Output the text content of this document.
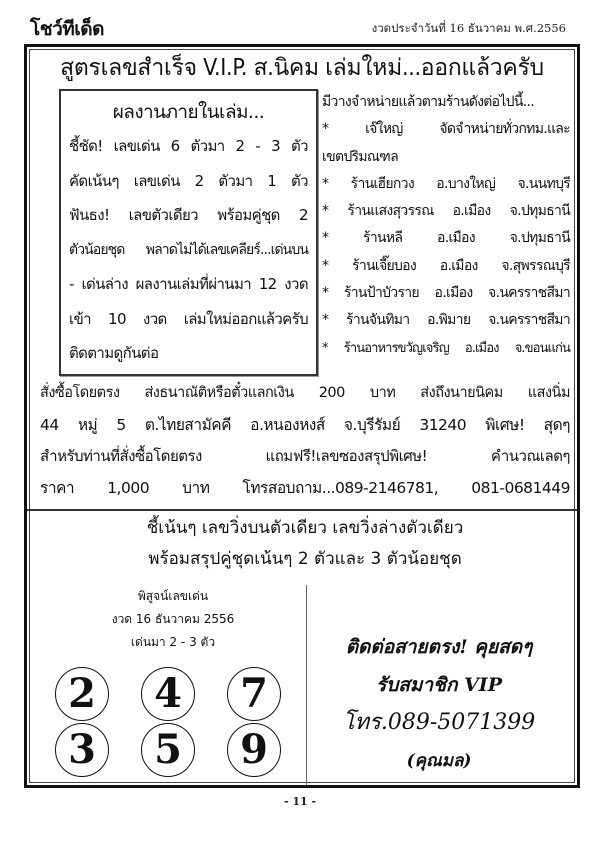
โชว์ทีเด็ด	งวดประจำวันที่ 16 ธันวาคม พ.ศ.2556
สูตรเลขสำเร็จ V.I.P. ส.นิคม เล่มใหม่...ออกแล้วครับ
ผลงานภายในเล่ม...
ชี้ชัด! เลขเด่น 6 ตัวมา 2 - 3 ตัว
คัดเน้นๆ เลขเด่น 2 ตัวมา 1 ตัว
ฟันธง! เลขตัวเดียว พร้อมคู่ชุด 2
ตัวน้อยชุด พลาดไม่ได้เลขเคลียร์...เด่นบน
- เด่นล่าง ผลงานเล่มที่ผ่านมา 12 งวด
เข้า 10 งวด เล่มใหม่ออกแล้วครับ
ติดตามดูกันต่อ
มีวางจำหน่ายแล้วตามร้านดังต่อไปนี้...
* เจ๊ใหญ่ จัดจำหน่ายทั่วกทม.และ
เขตปริมณฑล
* ร้านเฮียกวง อ.บางใหญ่ จ.นนทบุรี
* ร้านแสงสุวรรณ อ.เมือง จ.ปทุมธานี
* ร้านหลี อ.เมือง จ.ปทุมธานี
* ร้านเจี๊ยบอง อ.เมือง จ.สุพรรณบุรี
* ร้านป้าบัวราย อ.เมือง จ.นครราชสีมา
* ร้านจันทิมา อ.พิมาย จ.นครราชสีมา
* ร้านอาหารขวัญเจริญ อ.เมือง จ.ขอนแก่น
สั่งซื้อโดยตรง ส่งธนาณัติหรือตั๋วแลกเงิน 200 บาท ส่งถึงนายนิคม แสงนิ่ม
44 หมู่ 5 ต.ไทยสามัคคี อ.หนองหงส์ จ.บุรีรัมย์ 31240 พิเศษ! สุดๆ
สำหรับท่านที่สั่งซื้อโดยตรง แถมฟรี!เลขซองสรุปพิเศษ! คำนวณเลดๆ
ราคา 1,000 บาท โทรสอบถาม...089-2146781, 081-0681449
ชี้เน้นๆ เลขวิ่งบนตัวเดียว เลขวิ่งล่างตัวเดียว
พร้อมสรุปคู่ชุดเน้นๆ 2 ตัวและ 3 ตัวน้อยชุด
พิสูจน์เลขเด่น
งวด 16 ธันวาคม 2556
เด่นมา 2 - 3 ตัว
2	4	7
3	5	9
ติดต่อสายตรง! คุยสดๆ
รับสมาชิก VIP
โทร.089-5071399
(คุณมล)
- 11 -
